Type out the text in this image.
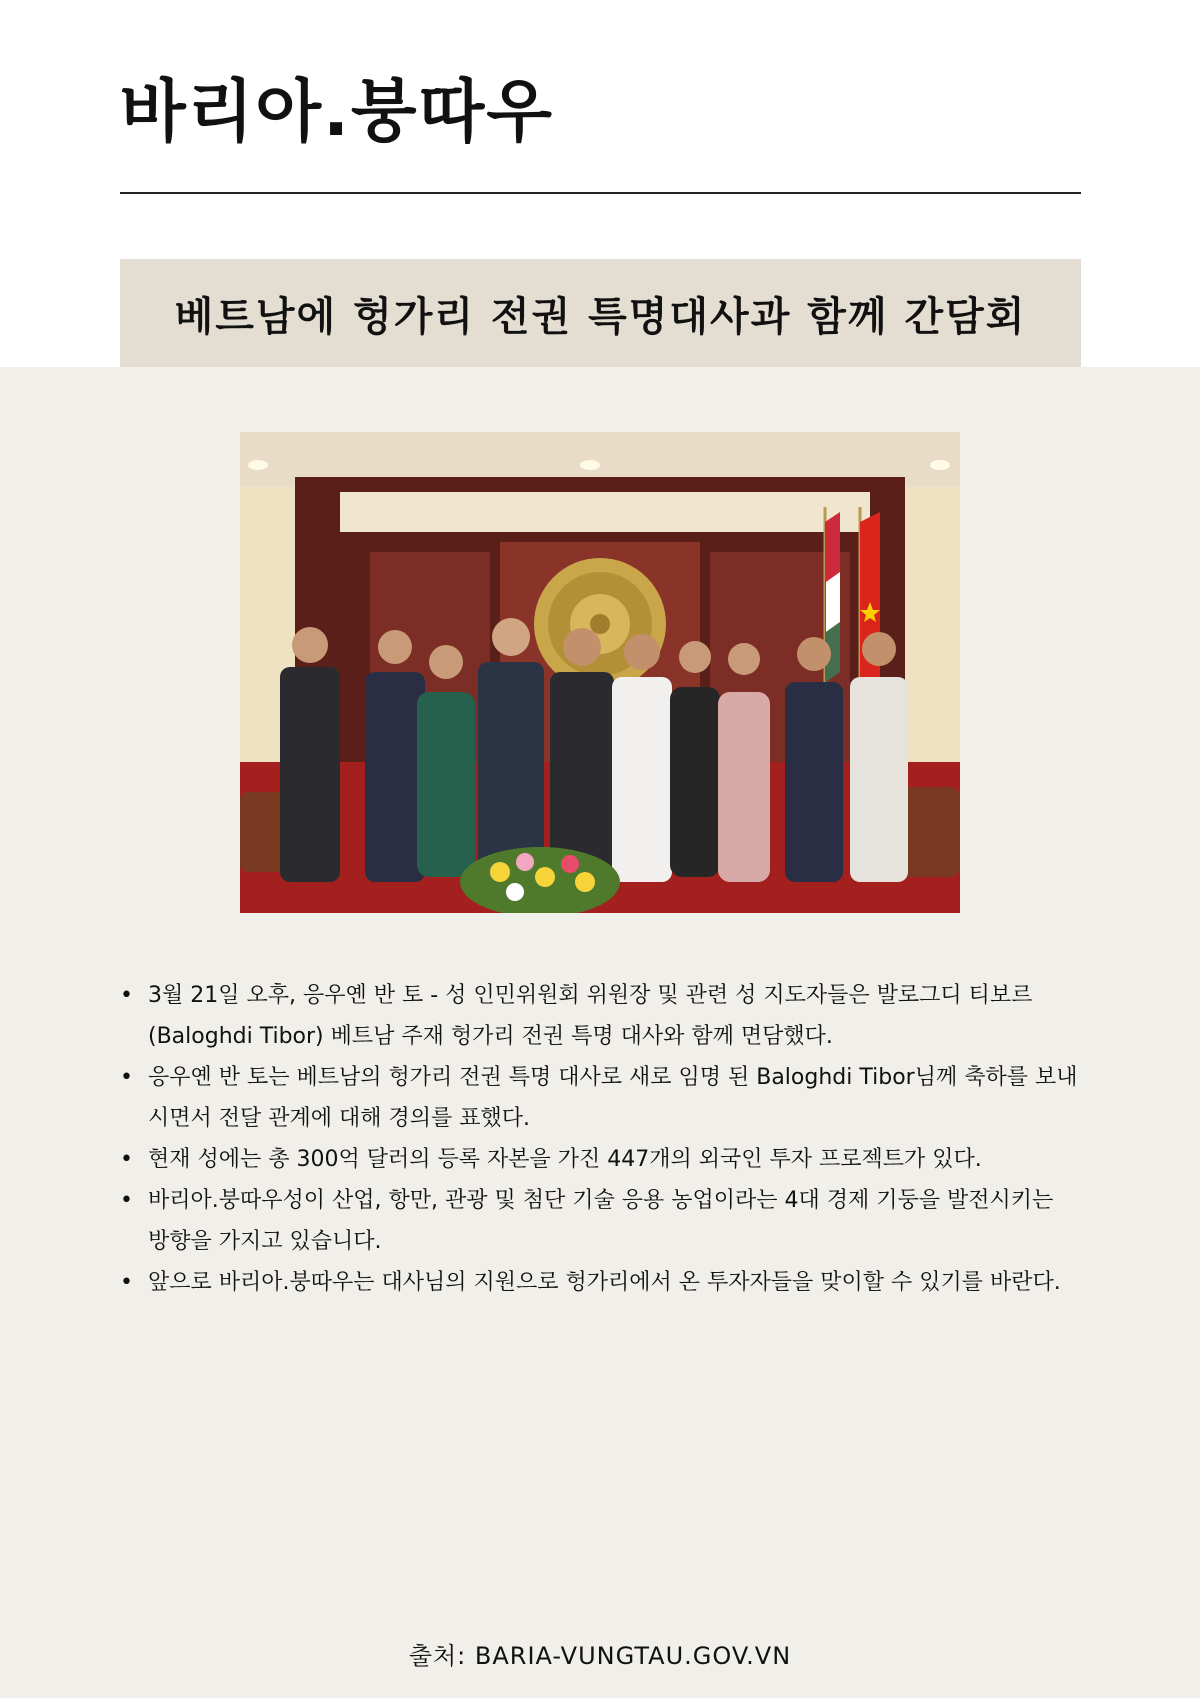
바리아.붕따우
베트남에 헝가리 전권 특명대사과 함께 간담회
• 3월 21일 오후, 응우옌 반 토 - 성 인민위원회 위원장 및 관련 성 지도자들은 발로그디 티보르(Baloghdi Tibor) 베트남 주재 헝가리 전권 특명 대사와 함께 면담했다.
• 응우옌 반 토는 베트남의 헝가리 전권 특명 대사로 새로 임명 된 Baloghdi Tibor님께 축하를 보내시면서 전달 관계에 대해 경의를 표했다.
• 현재 성에는 총 300억 달러의 등록 자본을 가진 447개의 외국인 투자 프로젝트가 있다.
• 바리아.붕따우성이 산업, 항만, 관광 및 첨단 기술 응용 농업이라는 4대 경제 기둥을 발전시키는 방향을 가지고 있습니다.
• 앞으로 바리아.붕따우는 대사님의 지원으로 헝가리에서 온 투자자들을 맞이할 수 있기를 바란다.
출처: BARIA-VUNGTAU.GOV.VN
